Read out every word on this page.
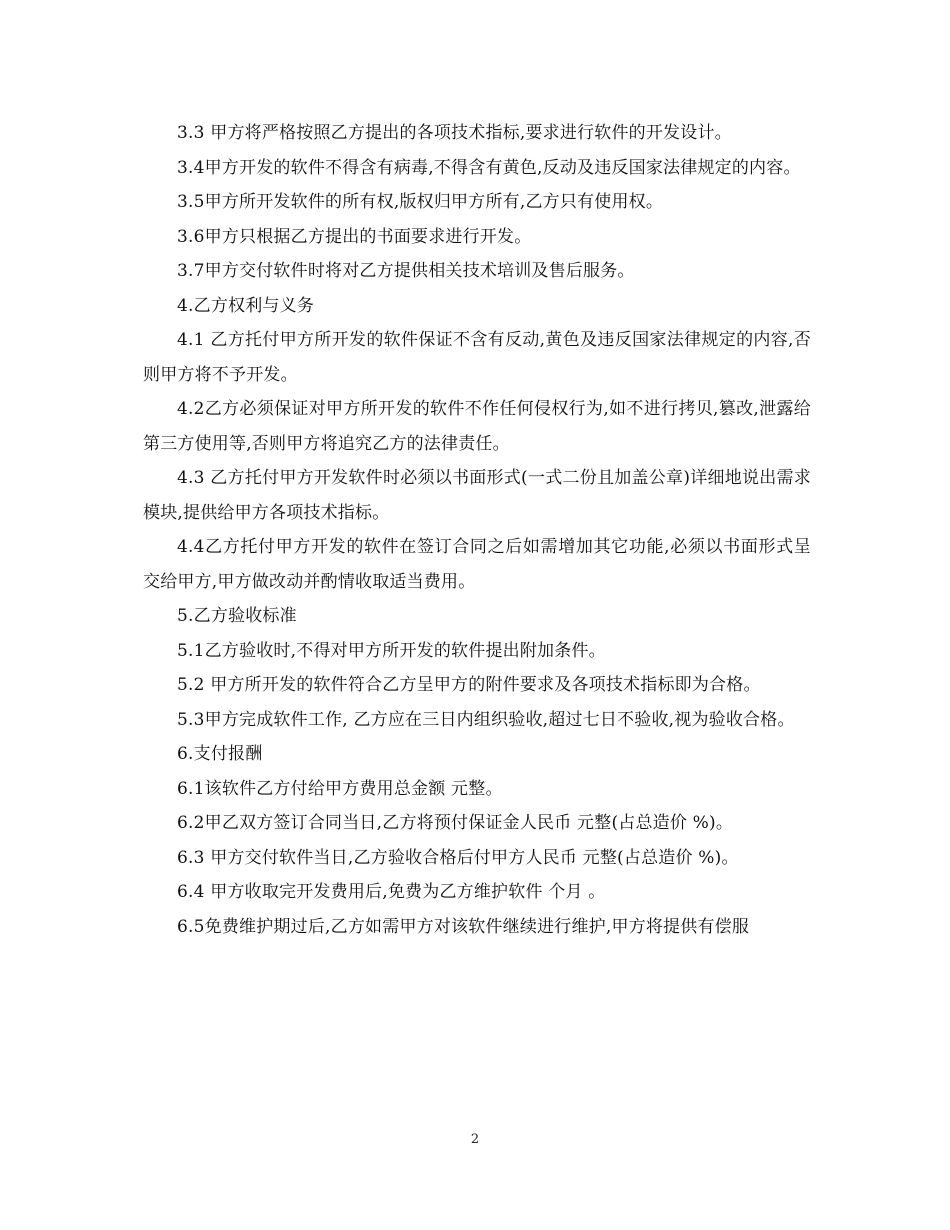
3.3 甲方将严格按照乙方提出的各项技术指标,要求进行软件的开发设计。

3.4甲方开发的软件不得含有病毒,不得含有黄色,反动及违反国家法律规定的内容。

3.5甲方所开发软件的所有权,版权归甲方所有,乙方只有使用权。

3.6甲方只根据乙方提出的书面要求进行开发。

3.7甲方交付软件时将对乙方提供相关技术培训及售后服务。

4.乙方权利与义务

4.1 乙方托付甲方所开发的软件保证不含有反动,黄色及违反国家法律规定的内容,否则甲方将不予开发。

4.2乙方必须保证对甲方所开发的软件不作任何侵权行为,如不进行拷贝,篡改,泄露给第三方使用等,否则甲方将追究乙方的法律责任。

4.3 乙方托付甲方开发软件时必须以书面形式(一式二份且加盖公章)详细地说出需求模块,提供给甲方各项技术指标。

4.4乙方托付甲方开发的软件在签订合同之后如需增加其它功能,必须以书面形式呈交给甲方,甲方做改动并酌情收取适当费用。

5.乙方验收标准

5.1乙方验收时,不得对甲方所开发的软件提出附加条件。

5.2 甲方所开发的软件符合乙方呈甲方的附件要求及各项技术指标即为合格。

5.3甲方完成软件工作, 乙方应在三日内组织验收,超过七日不验收,视为验收合格。

6.支付报酬

6.1该软件乙方付给甲方费用总金额 元整。

6.2甲乙双方签订合同当日,乙方将预付保证金人民币 元整(占总造价 %)。

6.3 甲方交付软件当日,乙方验收合格后付甲方人民币 元整(占总造价 %)。

6.4 甲方收取完开发费用后,免费为乙方维护软件 个月 。

6.5免费维护期过后,乙方如需甲方对该软件继续进行维护,甲方将提供有偿服

2
